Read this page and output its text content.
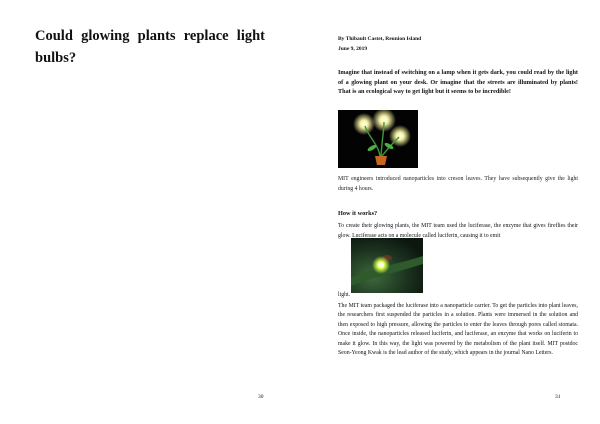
Could glowing plants replace light bulbs?
30

By Thibault Castet, Reunion Island

June 9, 2019

Imagine that instead of switching on a lamp when it gets dark, you could read by the light of a glowing plant on your desk. Or imagine that the streets are illuminated by plants! That is an ecological way to get light but it seems to be incredible!

MIT engineers introduced nanoparticles into creson leaves. They have subsequently give the light during 4 hours.

How it works?

To create their glowing plants, the MIT team used the luciferase, the enzyme that gives fireflies their glow. Luciferase acts on a molecule called luciferin, causing it to emit

light.

The MIT team packaged the luciferase into a nanoparticle carrier. To get the particles into plant leaves, the researchers first suspended the particles in a solution. Plants were immersed in the solution and then exposed to high pressure, allowing the particles to enter the leaves through pores called stomata. Once inside, the nanoparticles released luciferin, and luciferase, an enzyme that works on luciferin to make it glow. In this way, the light was powered by the metabolism of the plant itself. MIT postdoc Seon-Yeong Kwak is the lead author of the study, which appears in the journal Nano Letters.

31
